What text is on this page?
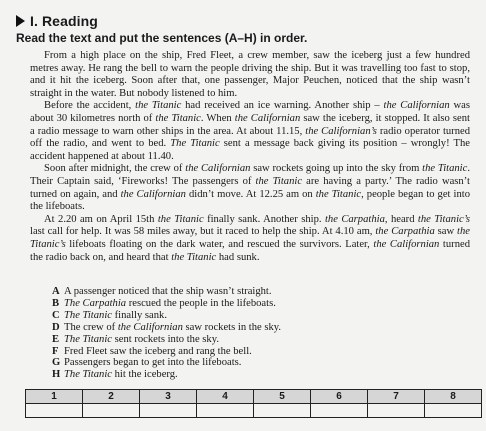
I. Reading
Read the text and put the sentences (A–H) in order.

From a high place on the ship, Fred Fleet, a crew member, saw the iceberg just a few hundred metres away. He rang the bell to warn the people driving the ship. But it was travelling too fast to stop, and it hit the iceberg. Soon after that, one passenger, Major Peuchen, noticed that the ship wasn’t straight in the water. But nobody listened to him.

Before the accident, the Titanic had received an ice warning. Another ship – the Californian was about 30 kilometres north of the Titanic. When the Californian saw the iceberg, it stopped. It also sent a radio message to warn other ships in the area. At about 11.15, the Californian’s radio operator turned off the radio, and went to bed. The Titanic sent a message back giving its position – wrongly! The accident happened at about 11.40.

Soon after midnight, the crew of the Californian saw rockets going up into the sky from the Titanic. Their Captain said, ‘Fireworks! The passengers of the Titanic are having a party.’ The radio wasn’t turned on again, and the Californian didn’t move. At 12.25 am on the Titanic, people began to get into the lifeboats.

At 2.20 am on April 15th the Titanic finally sank. Another ship. the Carpathia, heard the Titanic’s last call for help. It was 58 miles away, but it raced to help the ship. At 4.10 am, the Carpathia saw the Titanic’s lifeboats floating on the dark water, and rescued the survivors. Later, the Californian turned the radio back on, and heard that the Titanic had sunk.

A A passenger noticed that the ship wasn’t straight.
B The Carpathia rescued the people in the lifeboats.
C The Titanic finally sank.
D The crew of the Californian saw rockets in the sky.
E The Titanic sent rockets into the sky.
F Fred Fleet saw the iceberg and rang the bell.
G Passengers began to get into the lifeboats.
H The Titanic hit the iceberg.
1	2	3	4	5	6	7	8
